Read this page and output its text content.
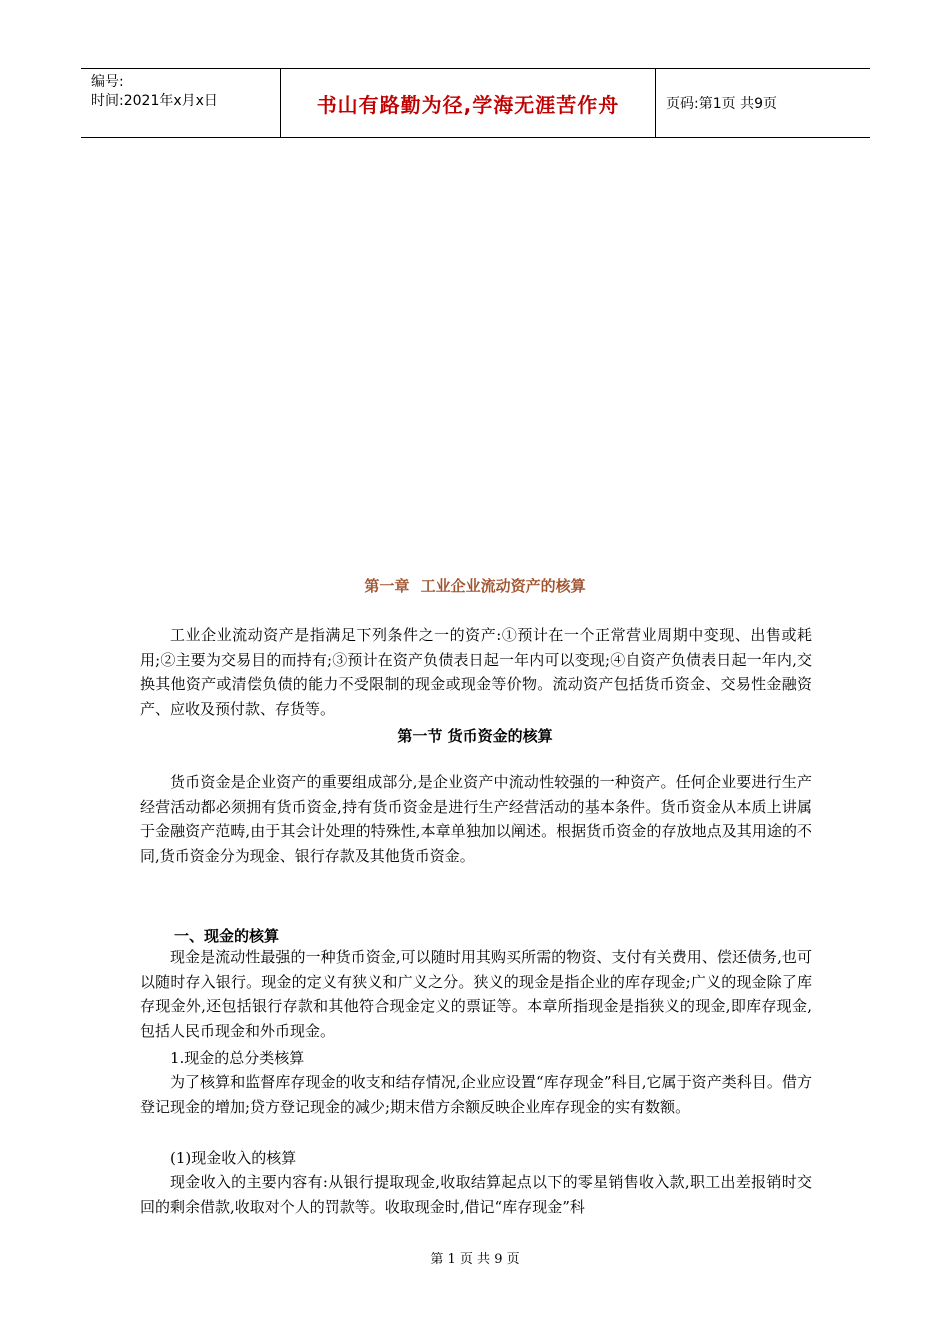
编号:
时间:2021年x月x日	书山有路勤为径,学海无涯苦作舟	页码:第1页 共9页
第一章 工业企业流动资产的核算

工业企业流动资产是指满足下列条件之一的资产:①预计在一个正常营业周期中变现、出售或耗用;②主要为交易目的而持有;③预计在资产负债表日起一年内可以变现;④自资产负债表日起一年内,交换其他资产或清偿负债的能力不受限制的现金或现金等价物。流动资产包括货币资金、交易性金融资产、应收及预付款、存货等。

第一节 货币资金的核算

货币资金是企业资产的重要组成部分,是企业资产中流动性较强的一种资产。任何企业要进行生产经营活动都必须拥有货币资金,持有货币资金是进行生产经营活动的基本条件。货币资金从本质上讲属于金融资产范畴,由于其会计处理的特殊性,本章单独加以阐述。根据货币资金的存放地点及其用途的不同,货币资金分为现金、银行存款及其他货币资金。

一、现金的核算

现金是流动性最强的一种货币资金,可以随时用其购买所需的物资、支付有关费用、偿还债务,也可以随时存入银行。现金的定义有狭义和广义之分。狭义的现金是指企业的库存现金;广义的现金除了库存现金外,还包括银行存款和其他符合现金定义的票证等。本章所指现金是指狭义的现金,即库存现金,包括人民币现金和外币现金。

1.现金的总分类核算

为了核算和监督库存现金的收支和结存情况,企业应设置“库存现金”科目,它属于资产类科目。借方登记现金的增加;贷方登记现金的减少;期末借方余额反映企业库存现金的实有数额。

(1)现金收入的核算

现金收入的主要内容有:从银行提取现金,收取结算起点以下的零星销售收入款,职工出差报销时交回的剩余借款,收取对个人的罚款等。收取现金时,借记“库存现金”科

第 1 页 共 9 页
